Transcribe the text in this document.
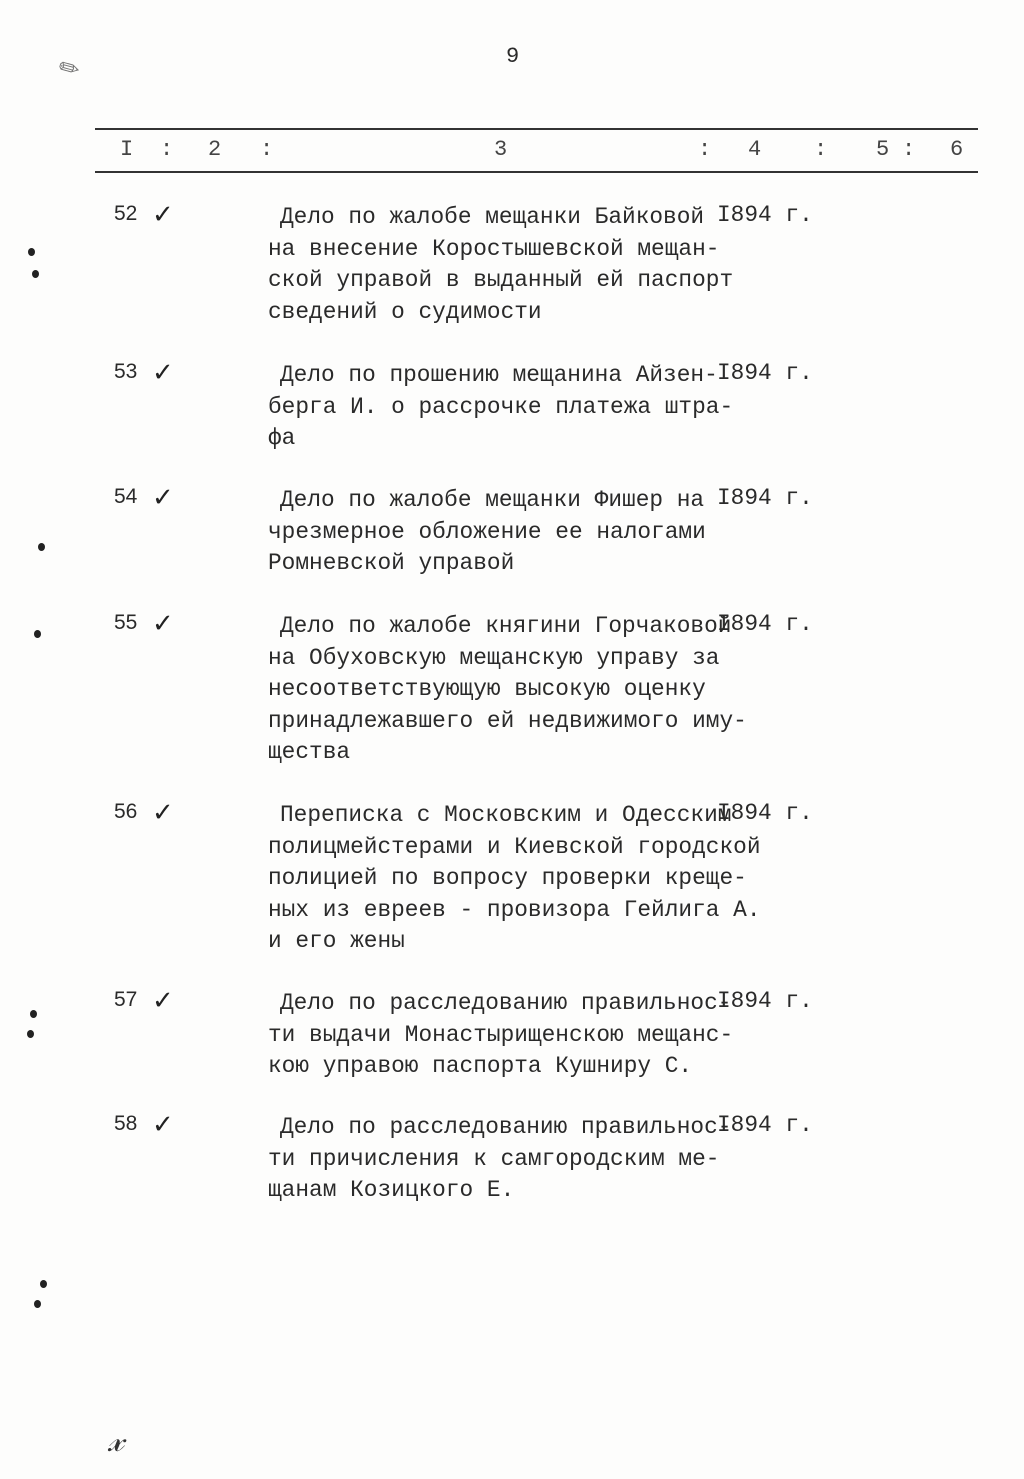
✎	9
I : 2 :	3	: 4 : 5 : 6
52 ✓	Дело по жалобе мещанки Байковой
на внесение Коростышевской мещан-
ской управой в выданный ей паспорт
сведений о судимости
I894 г.
53 ✓	Дело по прошению мещанина Айзен-
берга И. о рассрочке платежа штра-
фа
I894 г.
54 ✓	Дело по жалобе мещанки Фишер на
чрезмерное обложение ее налогами
Ромневской управой
I894 г.
55 ✓	Дело по жалобе княгини Горчаковой
на Обуховскую мещанскую управу за
несоответствующую высокую оценку
принадлежавшего ей недвижимого иму-
щества
I894 г.
56 ✓	Переписка с Московским и Одесским
полицмейстерами и Киевской городской
полицией по вопросу проверки креще-
ных из евреев - провизора Гейлига А.
и его жены
I894 г.
57 ✓	Дело по расследованию правильнос-
ти выдачи Монастырищенскою мещанс-
кою управою паспорта Кушниру С.
I894 г.
58 ✓	Дело по расследованию правильнос-
ти причисления к самгородским ме-
щанам Козицкого Е.
I894 г.
𝓍
